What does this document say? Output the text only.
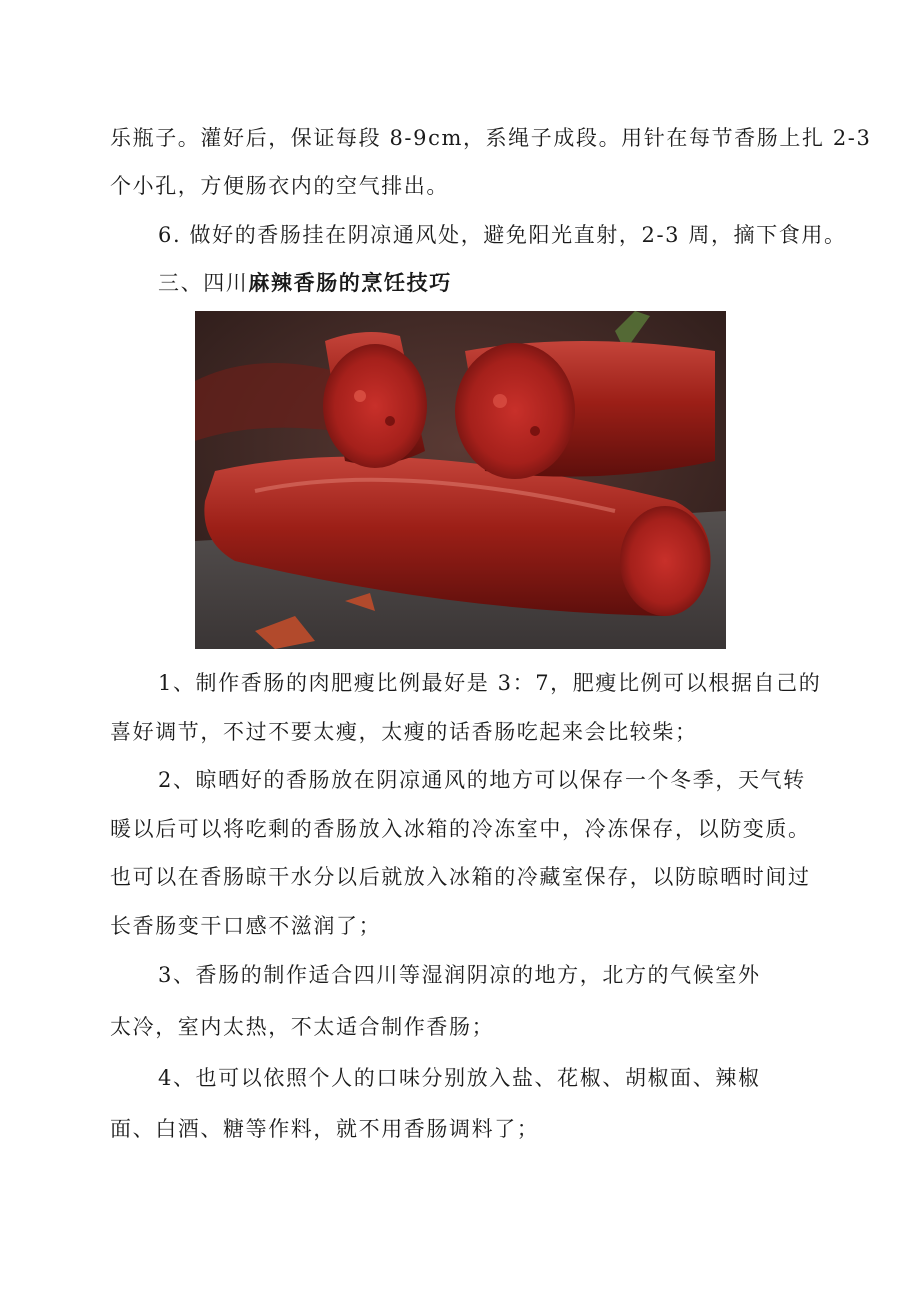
乐瓶子。灌好后，保证每段 8-9cm，系绳子成段。用针在每节香肠上扎 2-3
个小孔，方便肠衣内的空气排出。
6. 做好的香肠挂在阴凉通风处，避免阳光直射，2-3 周，摘下食用。
三、四川麻辣香肠的烹饪技巧
1、制作香肠的肉肥瘦比例最好是 3：7，肥瘦比例可以根据自己的
喜好调节，不过不要太瘦，太瘦的话香肠吃起来会比较柴；
2、晾晒好的香肠放在阴凉通风的地方可以保存一个冬季，天气转
暖以后可以将吃剩的香肠放入冰箱的冷冻室中，冷冻保存，以防变质。
也可以在香肠晾干水分以后就放入冰箱的冷藏室保存，以防晾晒时间过
长香肠变干口感不滋润了；
3、香肠的制作适合四川等湿润阴凉的地方，北方的气候室外
太冷，室内太热，不太适合制作香肠；
4、也可以依照个人的口味分别放入盐、花椒、胡椒面、辣椒
面、白酒、糖等作料，就不用香肠调料了；
